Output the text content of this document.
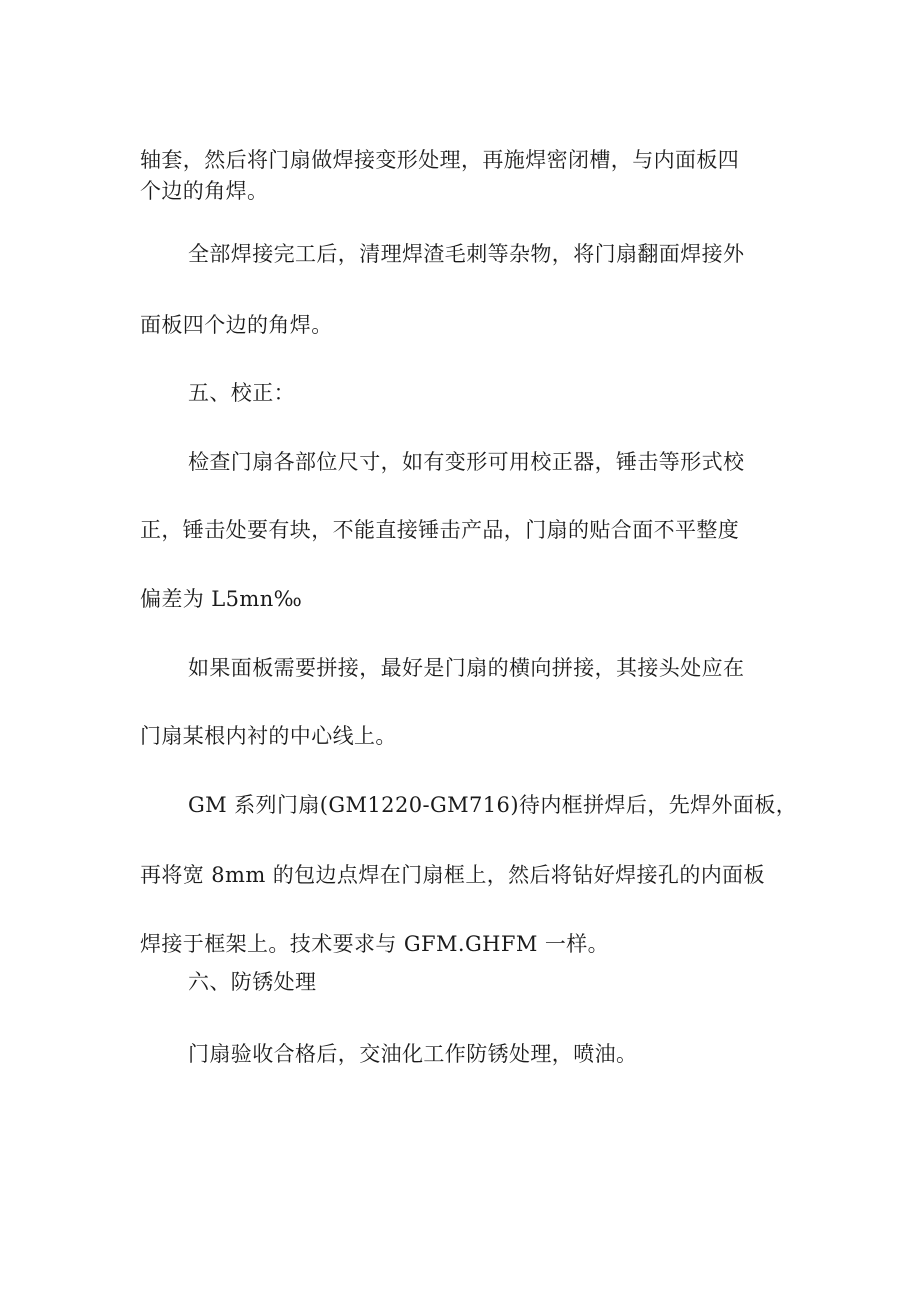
轴套，然后将门扇做焊接变形处理，再施焊密闭槽，与内面板四
个边的角焊。
全部焊接完工后，清理焊渣毛刺等杂物，将门扇翻面焊接外
面板四个边的角焊。
五、校正：
检查门扇各部位尺寸，如有变形可用校正器，锤击等形式校
正，锤击处要有块，不能直接锤击产品，门扇的贴合面不平整度
偏差为 L5mn‰
如果面板需要拼接，最好是门扇的横向拼接，其接头处应在
门扇某根内衬的中心线上。
GM 系列门扇(GM1220-GM716)待内框拼焊后，先焊外面板，
再将宽 8mm 的包边点焊在门扇框上，然后将钻好焊接孔的内面板
焊接于框架上。技术要求与 GFM.GHFM 一样。
六、防锈处理
门扇验收合格后，交油化工作防锈处理，喷油。
